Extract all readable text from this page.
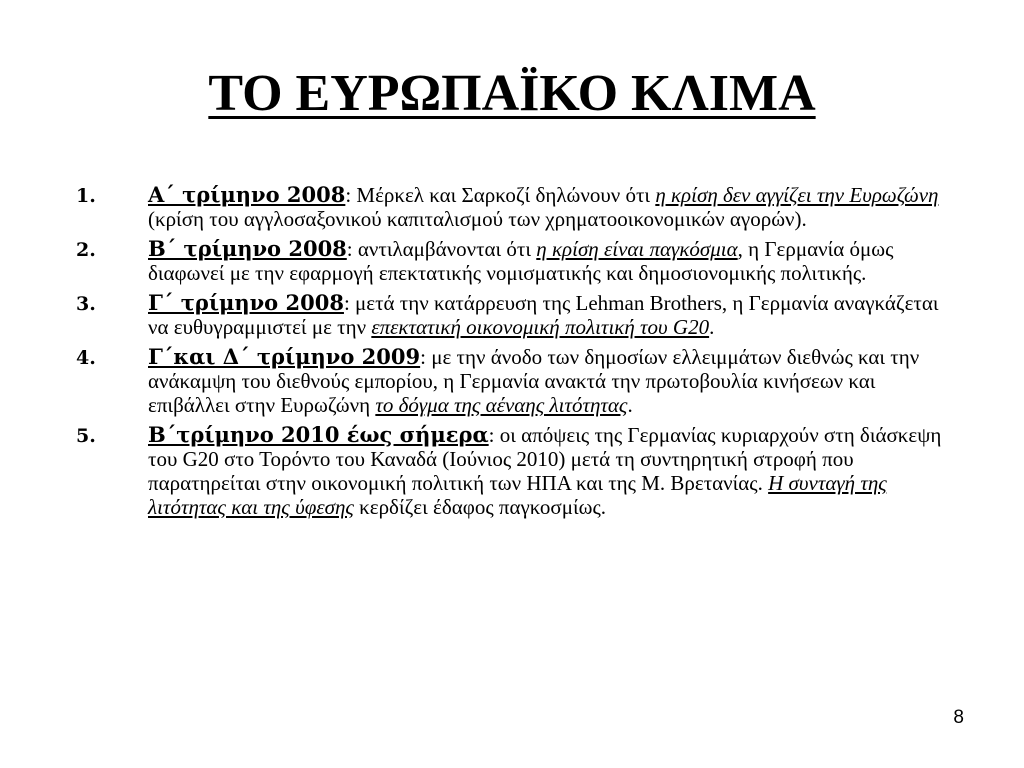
ΤΟ ΕΥΡΩΠΑΪΚΟ ΚΛΙΜΑ
1. Α΄ τρίμηνο 2008: Μέρκελ και Σαρκοζί δηλώνουν ότι η κρίση δεν αγγίζει την Ευρωζώνη (κρίση του αγγλοσαξονικού καπιταλισμού των χρηματοοικονομικών αγορών).
2. Β΄ τρίμηνο 2008: αντιλαμβάνονται ότι η κρίση είναι παγκόσμια, η Γερμανία όμως διαφωνεί με την εφαρμογή επεκτατικής νομισματικής και δημοσιονομικής πολιτικής.
3. Γ΄ τρίμηνο 2008: μετά την κατάρρευση της Lehman Brothers, η Γερμανία αναγκάζεται να ευθυγραμμιστεί με την επεκτατική οικονομική πολιτική του G20.
4. Γ΄και Δ΄ τρίμηνο 2009: με την άνοδο των δημοσίων ελλειμμάτων διεθνώς και την ανάκαμψη του διεθνούς εμπορίου, η Γερμανία ανακτά την πρωτοβουλία κινήσεων και επιβάλλει στην Ευρωζώνη το δόγμα της αέναης λιτότητας.
5. Β΄τρίμηνο 2010 έως σήμερα: οι απόψεις της Γερμανίας κυριαρχούν στη διάσκεψη του G20 στο Τορόντο του Καναδά (Ιούνιος 2010) μετά τη συντηρητική στροφή που παρατηρείται στην οικονομική πολιτική των ΗΠΑ και της Μ. Βρετανίας. Η συνταγή της λιτότητας και της ύφεσης κερδίζει έδαφος παγκοσμίως.
8
